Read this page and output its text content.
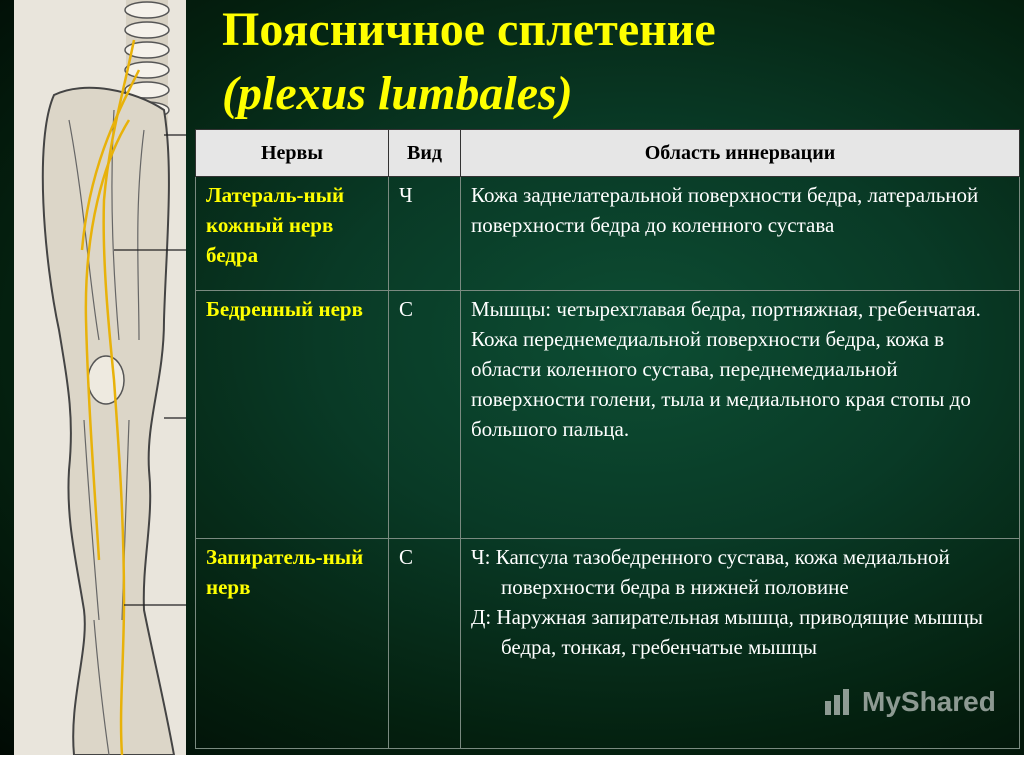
Поясничное сплетение
(plexus lumbales)
Нервы	Вид	Область иннервации
Латераль-ный кожный нерв бедра	Ч	Кожа заднелатеральной поверхности бедра, латеральной поверхности бедра до коленного сустава

Бедренный нерв	С	Мышцы: четырехглавая бедра, портняжная, гребенчатая.
Кожа переднемедиальной поверхности бедра, кожа в области коленного сустава, переднемедиальной поверхности голени, тыла и медиального края стопы до большого пальца.

Запиратель-ный нерв	С	Ч: Капсула тазобедренного сустава, кожа медиальной поверхности бедра в нижней половине
Д: Наружная запирательная мышца, приводящие мышцы бедра, тонкая, гребенчатые мышцы
MyShared
